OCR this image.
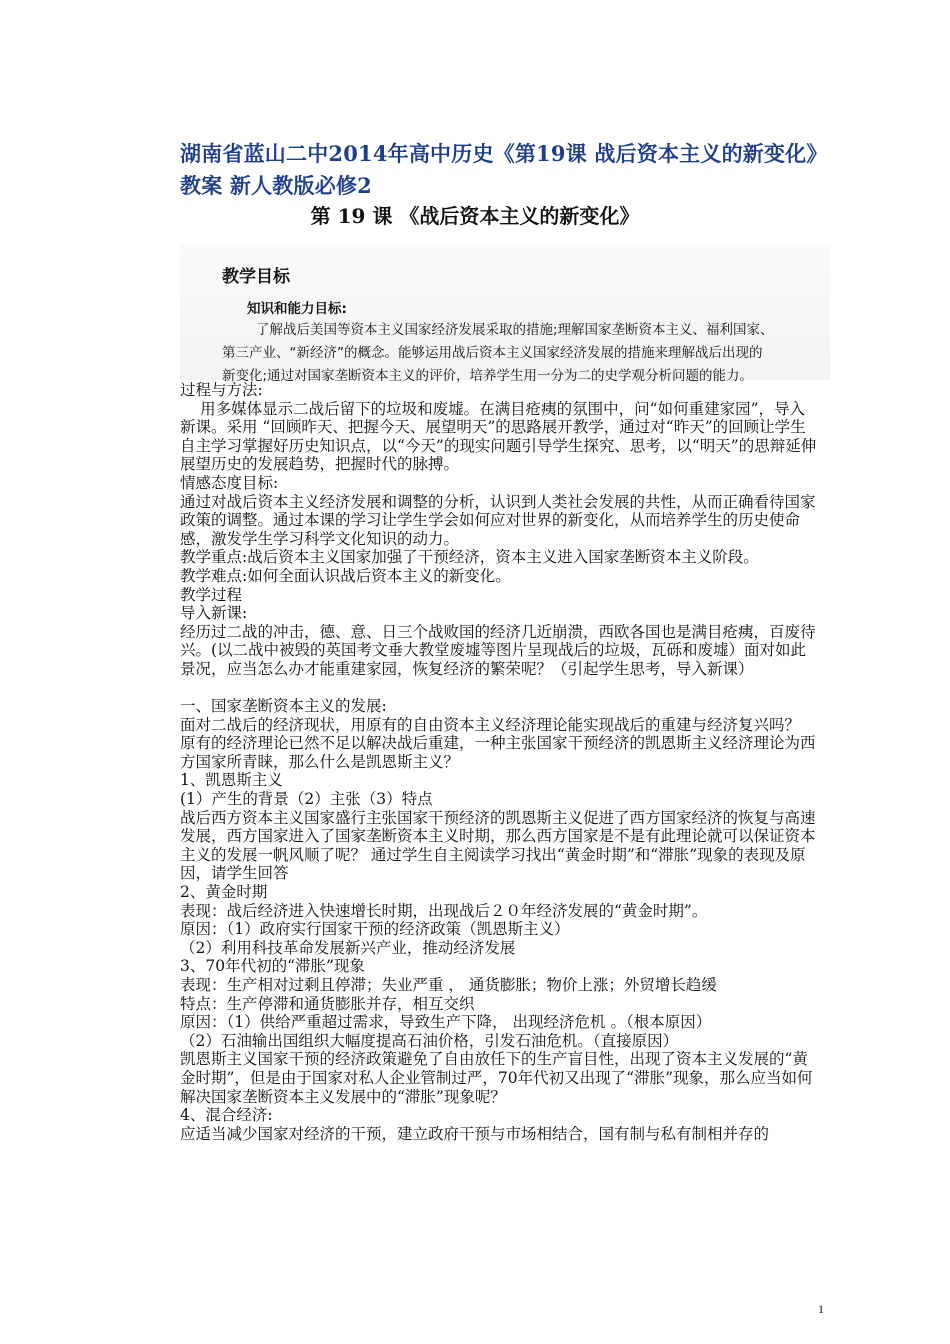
湖南省蓝山二中2014年高中历史《第19课 战后资本主义的新变化》教案 新人教版必修2
第 19 课 《战后资本主义的新变化》
教学目标
知识和能力目标:
了解战后美国等资本主义国家经济发展采取的措施;理解国家垄断资本主义、福利国家、
第三产业、“新经济”的概念。能够运用战后资本主义国家经济发展的措施来理解战后出现的
新变化;通过对国家垄断资本主义的评价，培养学生用一分为二的史学观分析问题的能力。

过程与方法:

用多媒体显示二战后留下的垃圾和废墟。在满目疮痍的氛围中，问“如何重建家园”，导入新课。采用 “回顾昨天、把握今天、展望明天”的思路展开教学，通过对“昨天”的回顾让学生自主学习掌握好历史知识点，以“今天”的现实问题引导学生探究、思考，以“明天”的思辩延伸展望历史的发展趋势，把握时代的脉搏。

情感态度目标:

通过对战后资本主义经济发展和调整的分析，认识到人类社会发展的共性，从而正确看待国家政策的调整。通过本课的学习让学生学会如何应对世界的新变化，从而培养学生的历史使命感，激发学生学习科学文化知识的动力。

教学重点:战后资本主义国家加强了干预经济，资本主义进入国家垄断资本主义阶段。

教学难点:如何全面认识战后资本主义的新变化。

教学过程

导入新课:

经历过二战的冲击，德、意、日三个战败国的经济几近崩溃，西欧各国也是满目疮痍，百废待兴。(以二战中被毁的英国考文垂大教堂废墟等图片呈现战后的垃圾，瓦砾和废墟）面对如此景况，应当怎么办才能重建家园，恢复经济的繁荣呢？（引起学生思考，导入新课）

一、国家垄断资本主义的发展:

面对二战后的经济现状，用原有的自由资本主义经济理论能实现战后的重建与经济复兴吗？

原有的经济理论已然不足以解决战后重建，一种主张国家干预经济的凯恩斯主义经济理论为西方国家所青睐，那么什么是凯恩斯主义？

1、凯恩斯主义

(1）产生的背景（2）主张（3）特点

战后西方资本主义国家盛行主张国家干预经济的凯恩斯主义促进了西方国家经济的恢复与高速发展，西方国家进入了国家垄断资本主义时期，那么西方国家是不是有此理论就可以保证资本主义的发展一帆风顺了呢？ 通过学生自主阅读学习找出“黄金时期”和“滞胀”现象的表现及原因，请学生回答

2、黄金时期

表现：战后经济进入快速增长时期，出现战后２０年经济发展的“黄金时期”。

原因：（1）政府实行国家干预的经济政策（凯恩斯主义）

（2）利用科技革命发展新兴产业，推动经济发展

3、70年代初的“滞胀”现象

表现：生产相对过剩且停滞；失业严重 ， 通货膨胀；物价上涨；外贸增长趋缓

特点：生产停滞和通货膨胀并存，相互交织

原因：（1）供给严重超过需求，导致生产下降， 出现经济危机 。（根本原因）

（2）石油输出国组织大幅度提高石油价格，引发石油危机。（直接原因）

凯恩斯主义国家干预的经济政策避免了自由放任下的生产盲目性，出现了资本主义发展的“黄金时期”，但是由于国家对私人企业管制过严，70年代初又出现了“滞胀”现象，那么应当如何解决国家垄断资本主义发展中的“滞胀”现象呢？

4、混合经济:

应适当减少国家对经济的干预，建立政府干预与市场相结合，国有制与私有制相并存的

1
